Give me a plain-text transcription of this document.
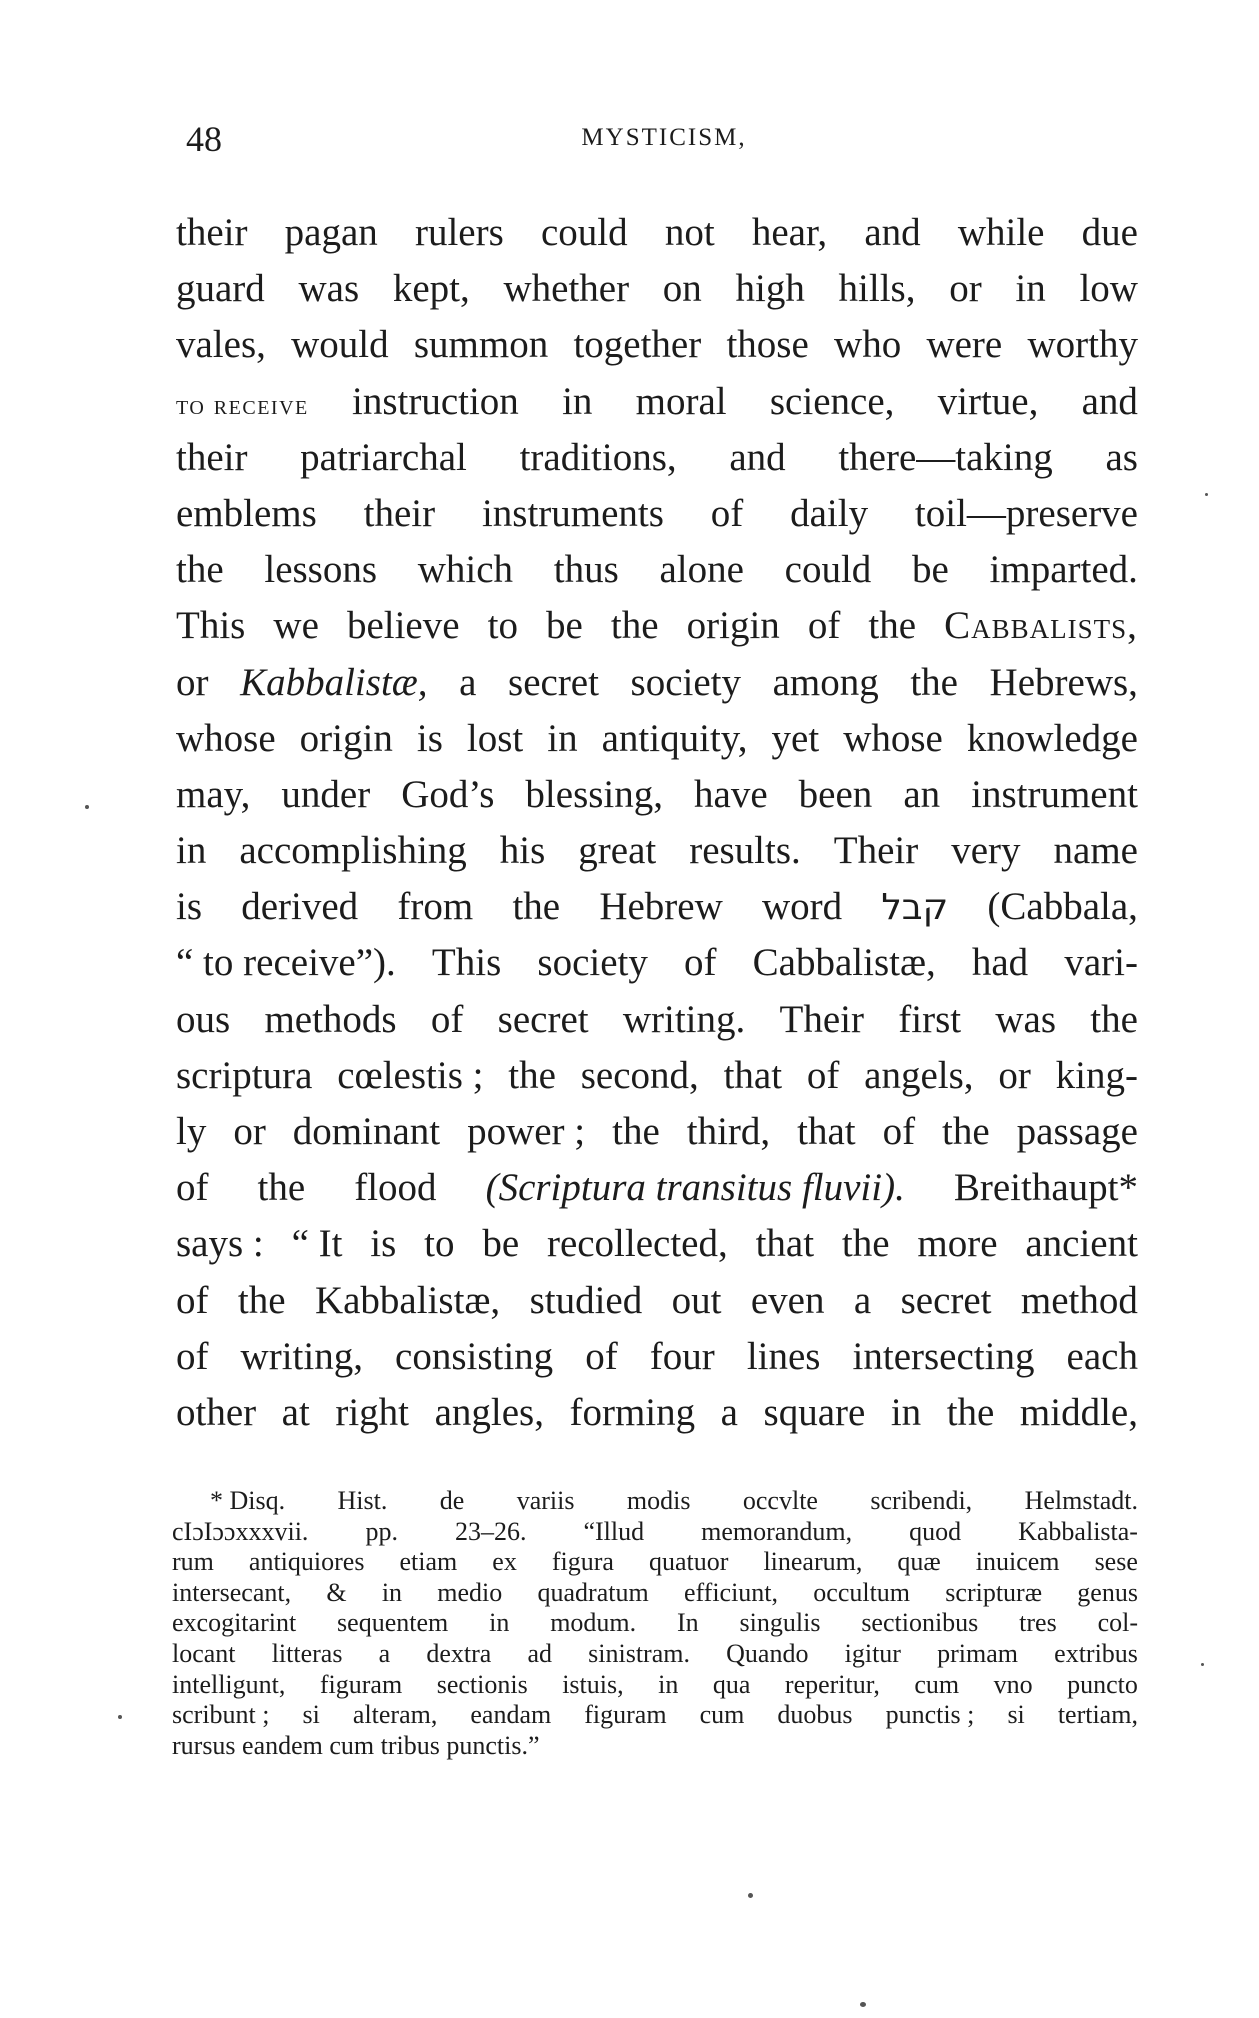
48	MYSTICISM,
their pagan rulers could not hear, and while due
guard was kept, whether on high hills, or in low
vales, would summon together those who were worthy
to receive instruction in moral science, virtue, and
their patriarchal traditions, and there—taking as
emblems their instruments of daily toil—preserve
the lessons which thus alone could be imparted.
This we believe to be the origin of the Cabbalists,
or Kabbalistæ, a secret society among the Hebrews,
whose origin is lost in antiquity, yet whose knowledge
may, under God’s blessing, have been an instrument
in accomplishing his great results. Their very name
is derived from the Hebrew word קבל (Cabbala,
“ to receive”). This society of Cabbalistæ, had vari-
ous methods of secret writing. Their first was the
scriptura cœlestis ; the second, that of angels, or king-
ly or dominant power ; the third, that of the passage
of the flood (Scriptura transitus fluvii). Breithaupt*
says : “ It is to be recollected, that the more ancient
of the Kabbalistæ, studied out even a secret method
of writing, consisting of four lines intersecting each
other at right angles, forming a square in the middle,
* Disq. Hist. de variis modis occvlte scribendi, Helmstadt.
cIɔIɔɔxxxvii. pp. 23–26. “Illud memorandum, quod Kabbalista-
rum antiquiores etiam ex figura quatuor linearum, quæ inuicem sese
intersecant, & in medio quadratum efficiunt, occultum scripturæ genus
excogitarint sequentem in modum. In singulis sectionibus tres col-
locant litteras a dextra ad sinistram. Quando igitur primam extribus
intelligunt, figuram sectionis istuis, in qua reperitur, cum vno puncto
scribunt ; si alteram, eandam figuram cum duobus punctis ; si tertiam,
rursus eandem cum tribus punctis.”
